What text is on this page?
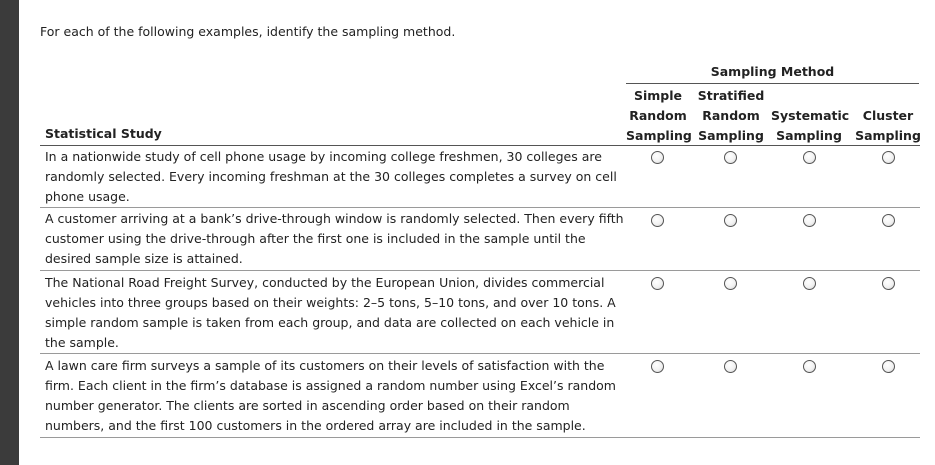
For each of the following examples, identify the sampling method.
Sampling Method
Simple
Random
Sampling
Stratified
Random
Sampling
Systematic
Sampling
Cluster
Sampling
Statistical Study
In a nationwide study of cell phone usage by incoming college freshmen, 30 colleges are randomly selected. Every incoming freshman at the 30 colleges completes a survey on cell phone usage.
A customer arriving at a bank’s drive-through window is randomly selected. Then every fifth customer using the drive-through after the first one is included in the sample until the desired sample size is attained.
The National Road Freight Survey, conducted by the European Union, divides commercial vehicles into three groups based on their weights: 2–5 tons, 5–10 tons, and over 10 tons. A simple random sample is taken from each group, and data are collected on each vehicle in the sample.
A lawn care firm surveys a sample of its customers on their levels of satisfaction with the firm. Each client in the firm’s database is assigned a random number using Excel’s random number generator. The clients are sorted in ascending order based on their random numbers, and the first 100 customers in the ordered array are included in the sample.
